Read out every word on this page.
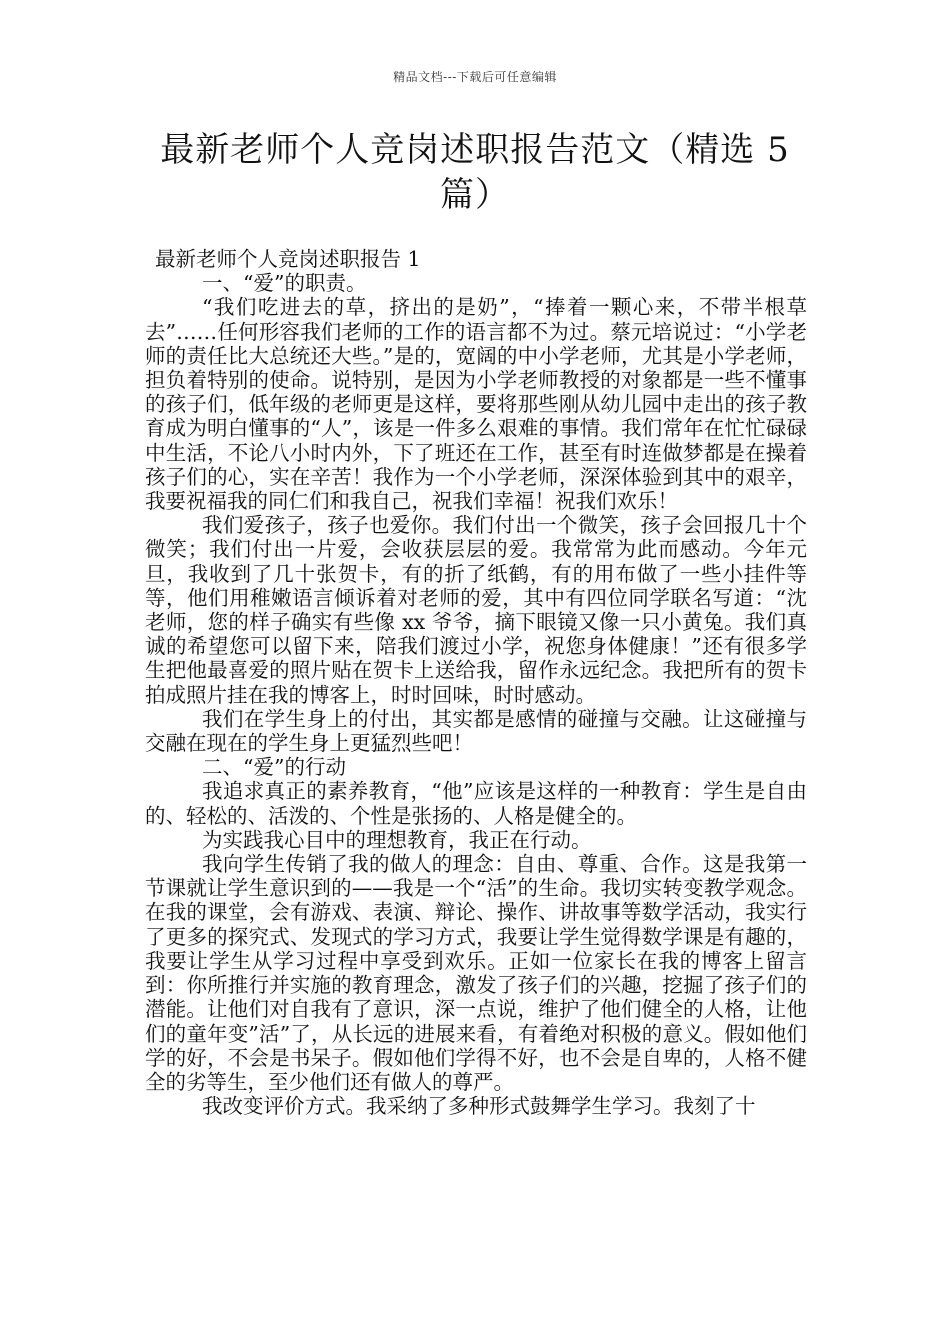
精品文档---下载后可任意编辑
最新老师个人竞岗述职报告范文（精选 5 篇）

最新老师个人竞岗述职报告 1

一、“爱”的职责。

“我们吃进去的草，挤出的是奶”，“捧着一颗心来，不带半根草去”……任何形容我们老师的工作的语言都不为过。蔡元培说过：“小学老师的责任比大总统还大些。”是的，宽阔的中小学老师，尤其是小学老师，担负着特别的使命。说特别，是因为小学老师教授的对象都是一些不懂事的孩子们，低年级的老师更是这样，要将那些刚从幼儿园中走出的孩子教育成为明白懂事的“人”，该是一件多么艰难的事情。我们常年在忙忙碌碌中生活，不论八小时内外，下了班还在工作，甚至有时连做梦都是在操着孩子们的心，实在辛苦！我作为一个小学老师，深深体验到其中的艰辛，我要祝福我的同仁们和我自己，祝我们幸福！祝我们欢乐！

我们爱孩子，孩子也爱你。我们付出一个微笑，孩子会回报几十个微笑；我们付出一片爱，会收获层层的爱。我常常为此而感动。今年元旦，我收到了几十张贺卡，有的折了纸鹤，有的用布做了一些小挂件等等，他们用稚嫩语言倾诉着对老师的爱，其中有四位同学联名写道：“沈老师，您的样子确实有些像 xx 爷爷，摘下眼镜又像一只小黄兔。我们真诚的希望您可以留下来，陪我们渡过小学，祝您身体健康！”还有很多学生把他最喜爱的照片贴在贺卡上送给我，留作永远纪念。我把所有的贺卡拍成照片挂在我的博客上，时时回味，时时感动。

我们在学生身上的付出，其实都是感情的碰撞与交融。让这碰撞与交融在现在的学生身上更猛烈些吧！

二、“爱”的行动

我追求真正的素养教育，“他”应该是这样的一种教育：学生是自由的、轻松的、活泼的、个性是张扬的、人格是健全的。

为实践我心目中的理想教育，我正在行动。

我向学生传销了我的做人的理念：自由、尊重、合作。这是我第一节课就让学生意识到的——我是一个“活”的生命。我切实转变教学观念。在我的课堂，会有游戏、表演、辩论、操作、讲故事等数学活动，我实行了更多的探究式、发现式的学习方式，我要让学生觉得数学课是有趣的，我要让学生从学习过程中享受到欢乐。正如一位家长在我的博客上留言到：你所推行并实施的教育理念，激发了孩子们的兴趣，挖掘了孩子们的潜能。让他们对自我有了意识，深一点说，维护了他们健全的人格，让他们的童年变”活”了，从长远的进展来看，有着绝对积极的意义。假如他们学的好，不会是书呆子。假如他们学得不好，也不会是自卑的，人格不健全的劣等生，至少他们还有做人的尊严。

我改变评价方式。我采纳了多种形式鼓舞学生学习。我刻了十
